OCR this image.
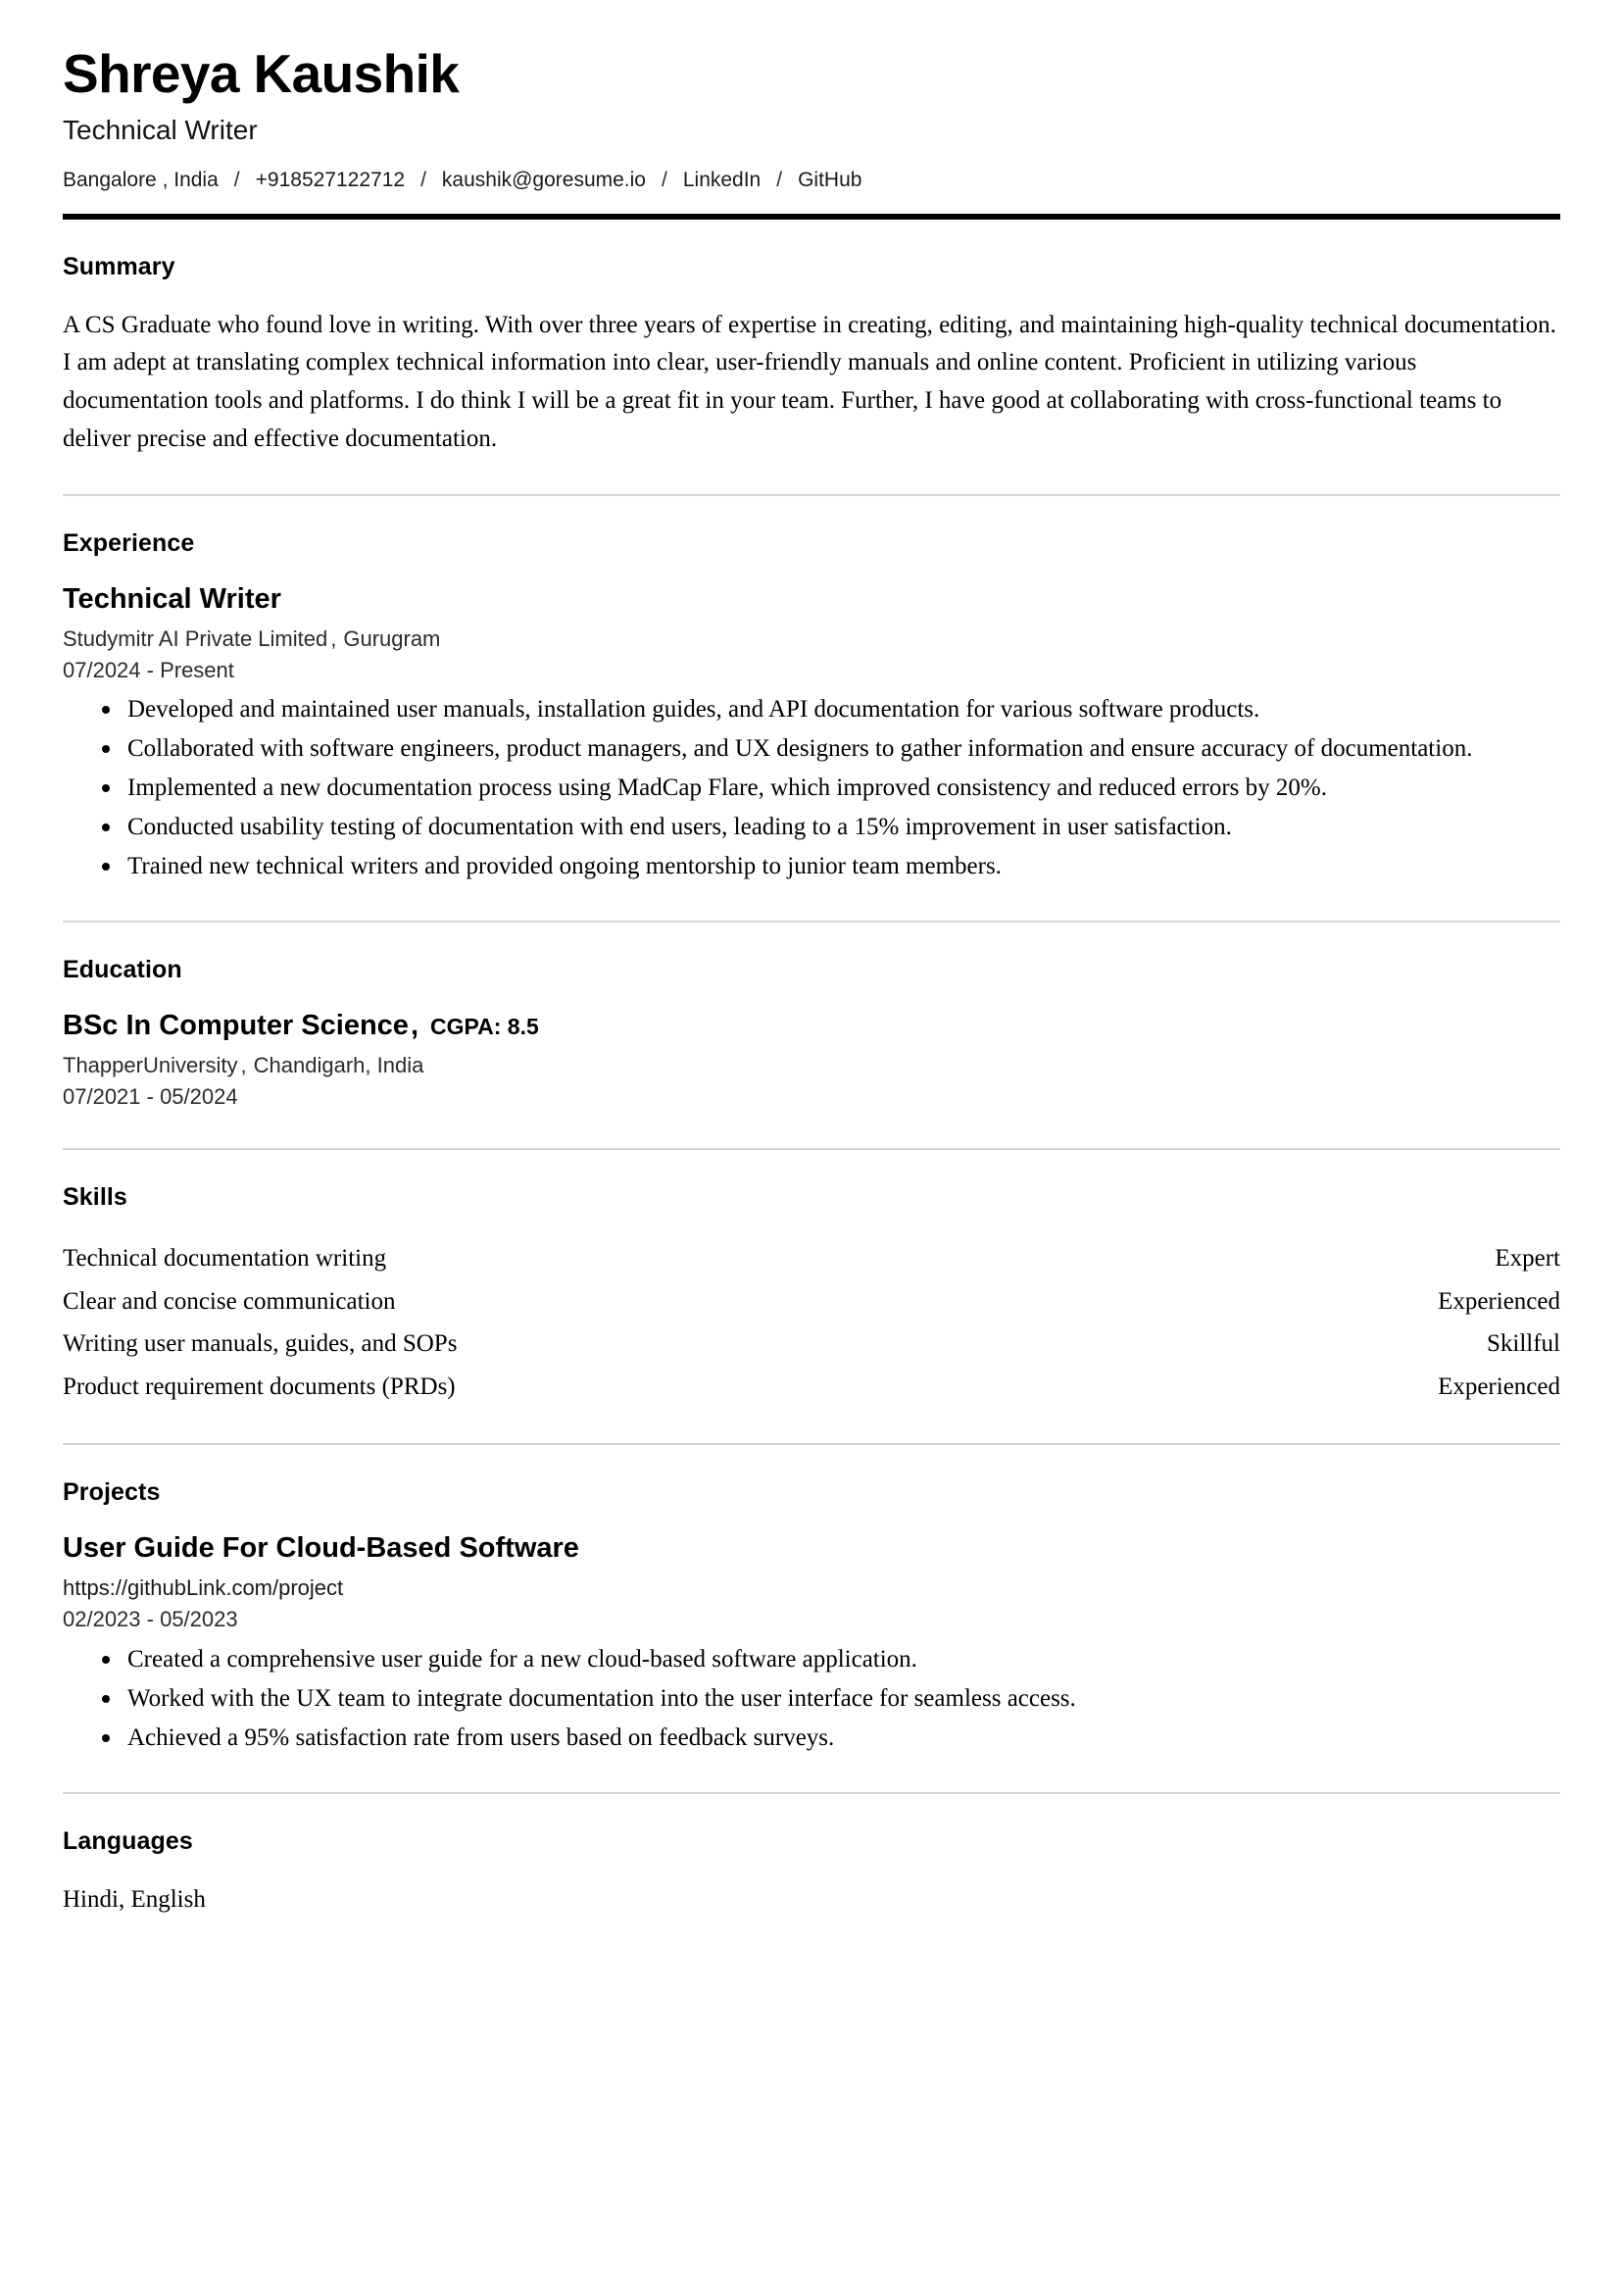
Shreya Kaushik
Technical Writer
Bangalore , India / +918527122712 / kaushik@goresume.io / LinkedIn / GitHub
Summary

A CS Graduate who found love in writing. With over three years of expertise in creating, editing, and maintaining high-quality technical documentation. I am adept at translating complex technical information into clear, user-friendly manuals and online content. Proficient in utilizing various documentation tools and platforms. I do think I will be a great fit in your team. Further, I have good at collaborating with cross-functional teams to deliver precise and effective documentation.

Experience
Technical Writer
Studymitr AI Private Limited , Gurugram
07/2024 - Present
Developed and maintained user manuals, installation guides, and API documentation for various software products.
Collaborated with software engineers, product managers, and UX designers to gather information and ensure accuracy of documentation.
Implemented a new documentation process using MadCap Flare, which improved consistency and reduced errors by 20%.
Conducted usability testing of documentation with end users, leading to a 15% improvement in user satisfaction.
Trained new technical writers and provided ongoing mentorship to junior team members.
Education
BSc In Computer Science , CGPA: 8.5
ThapperUniversity , Chandigarh, India
07/2021 - 05/2024
Skills
Technical documentation writing	Expert
Clear and concise communication	Experienced
Writing user manuals, guides, and SOPs	Skillful
Product requirement documents (PRDs)	Experienced
Projects
User Guide For Cloud-Based Software
https://githubLink.com/project
02/2023 - 05/2023
Created a comprehensive user guide for a new cloud-based software application.
Worked with the UX team to integrate documentation into the user interface for seamless access.
Achieved a 95% satisfaction rate from users based on feedback surveys.
Languages

Hindi, English
